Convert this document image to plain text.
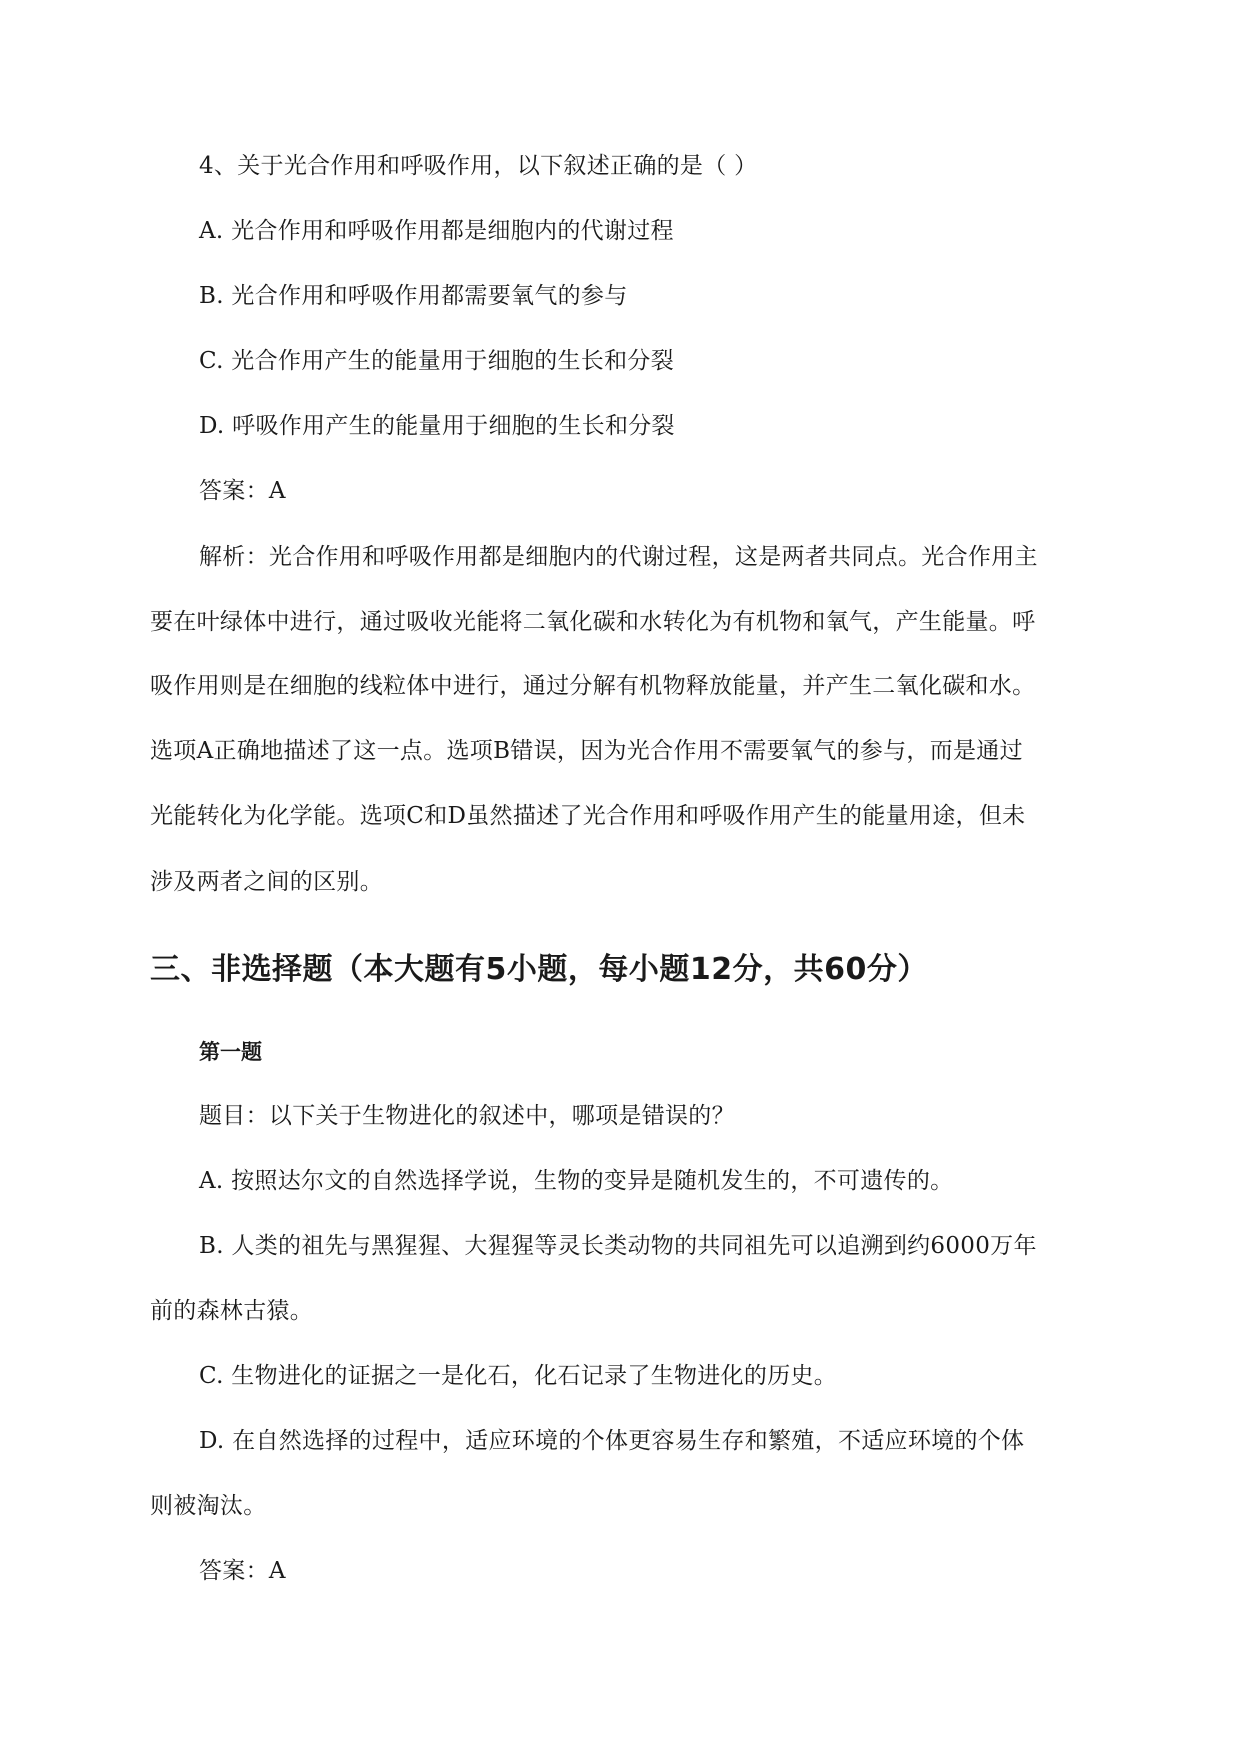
4、关于光合作用和呼吸作用，以下叙述正确的是（ ）
A. 光合作用和呼吸作用都是细胞内的代谢过程
B. 光合作用和呼吸作用都需要氧气的参与
C. 光合作用产生的能量用于细胞的生长和分裂
D. 呼吸作用产生的能量用于细胞的生长和分裂
答案：A
解析：光合作用和呼吸作用都是细胞内的代谢过程，这是两者共同点。光合作用主
要在叶绿体中进行，通过吸收光能将二氧化碳和水转化为有机物和氧气，产生能量。呼
吸作用则是在细胞的线粒体中进行，通过分解有机物释放能量，并产生二氧化碳和水。
选项A正确地描述了这一点。选项B错误，因为光合作用不需要氧气的参与，而是通过
光能转化为化学能。选项C和D虽然描述了光合作用和呼吸作用产生的能量用途，但未
涉及两者之间的区别。
三、非选择题（本大题有5小题，每小题12分，共60分）
第一题
题目：以下关于生物进化的叙述中，哪项是错误的？
A. 按照达尔文的自然选择学说，生物的变异是随机发生的，不可遗传的。
B. 人类的祖先与黑猩猩、大猩猩等灵长类动物的共同祖先可以追溯到约6000万年
前的森林古猿。
C. 生物进化的证据之一是化石，化石记录了生物进化的历史。
D. 在自然选择的过程中，适应环境的个体更容易生存和繁殖，不适应环境的个体
则被淘汰。
答案：A
